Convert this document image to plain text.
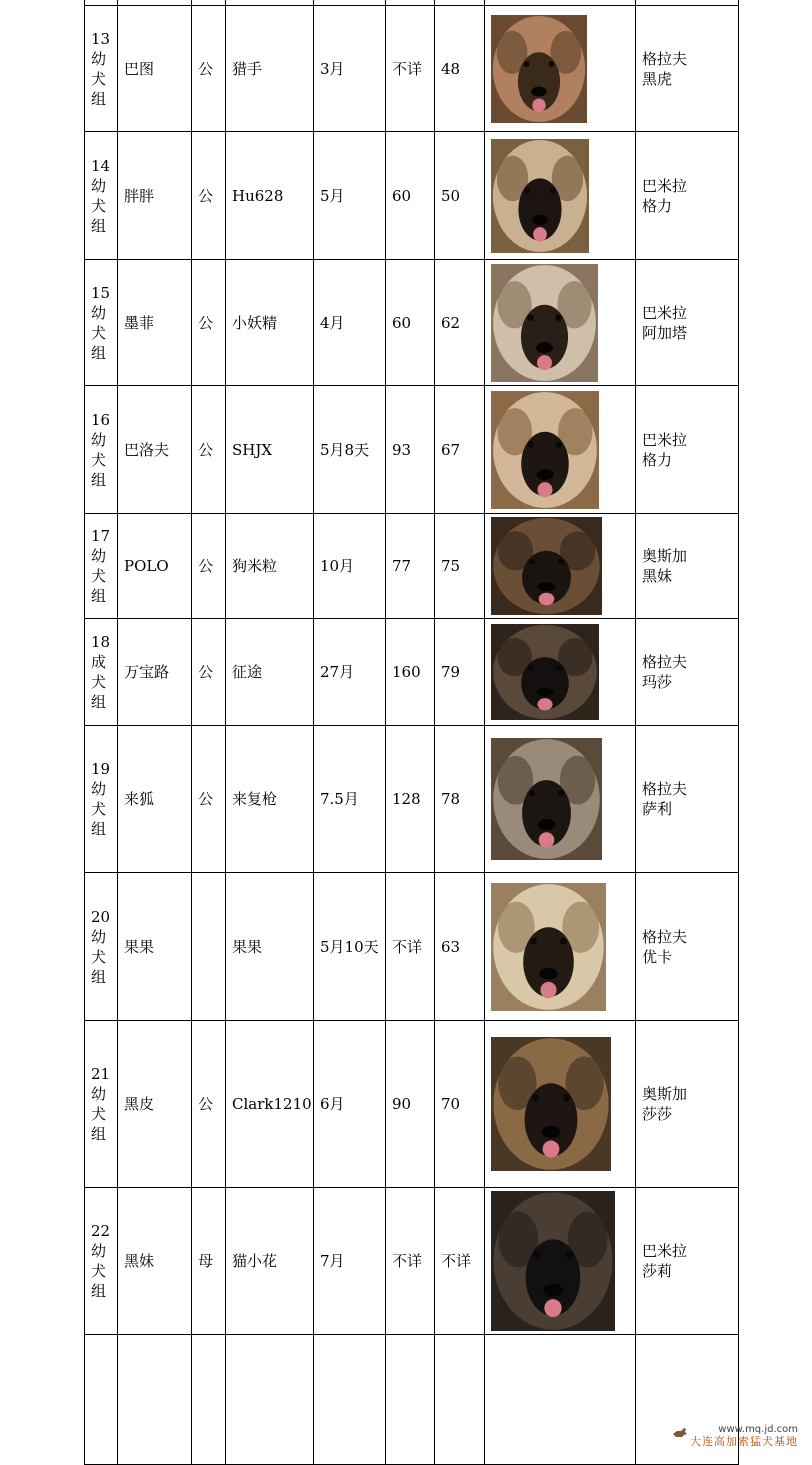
13
幼
犬
组	巴图	公	猎手	3月	不详	48		格拉夫
黑虎

14
幼
犬
组	胖胖	公	Hu628	5月	60	50		巴米拉
格力

15
幼
犬
组	墨菲	公	小妖精	4月	60	62		巴米拉
阿加塔

16
幼
犬
组	巴洛夫	公	SHJX	5月8天	93	67		巴米拉
格力

17
幼
犬
组	POLO	公	狗米粒	10月	77	75		奥斯加
黑妹

18
成
犬
组	万宝路	公	征途	27月	160	79		格拉夫
玛莎

19
幼
犬
组	来狐	公	来复枪	7.5月	128	78		格拉夫
萨利

20
幼
犬
组	果果		果果	5月10天	不详	63		格拉夫
优卡

21
幼
犬
组	黑皮	公	Clark1210	6月	90	70		奥斯加
莎莎

22
幼
犬
组	黑妹	母	猫小花	7月	不详	不详		巴米拉
莎莉

www.mq.jd.com
大连高加索猛犬基地
